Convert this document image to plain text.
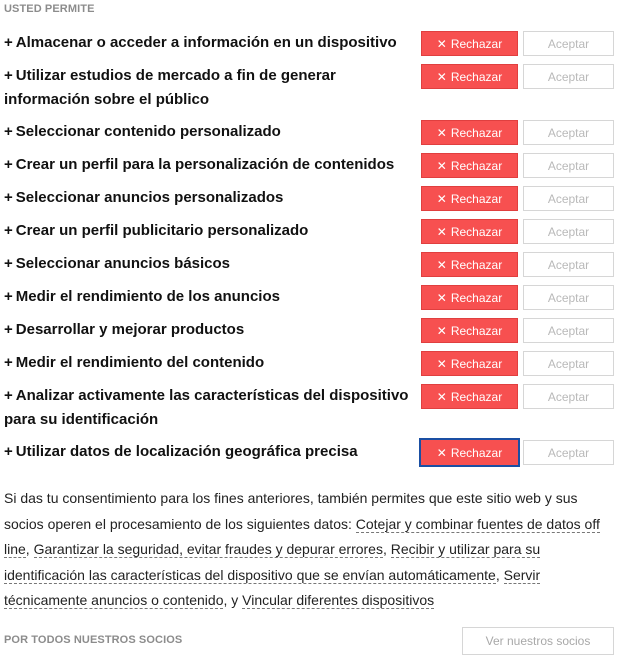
USTED PERMITE
+ Almacenar o acceder a información en un dispositivo	✕ Rechazar	Aceptar
+ Utilizar estudios de mercado a fin de generar
información sobre el público
✕ Rechazar	Aceptar
+ Seleccionar contenido personalizado	✕ Rechazar	Aceptar
+ Crear un perfil para la personalización de contenidos	✕ Rechazar	Aceptar
+ Seleccionar anuncios personalizados	✕ Rechazar	Aceptar
+ Crear un perfil publicitario personalizado	✕ Rechazar	Aceptar
+ Seleccionar anuncios básicos	✕ Rechazar	Aceptar
+ Medir el rendimiento de los anuncios	✕ Rechazar	Aceptar
+ Desarrollar y mejorar productos	✕ Rechazar	Aceptar
+ Medir el rendimiento del contenido	✕ Rechazar	Aceptar
+ Analizar activamente las características del dispositivo
para su identificación
✕ Rechazar	Aceptar
+ Utilizar datos de localización geográfica precisa	✕ Rechazar	Aceptar
Si das tu consentimiento para los fines anteriores, también permites que este sitio web y sus socios operen el procesamiento de los siguientes datos: Cotejar y combinar fuentes de datos off line, Garantizar la seguridad, evitar fraudes y depurar errores, Recibir y utilizar para su identificación las características del dispositivo que se envían automáticamente, Servir técnicamente anuncios o contenido, y Vincular diferentes dispositivos
POR TODOS NUESTROS SOCIOS	Ver nuestros socios
